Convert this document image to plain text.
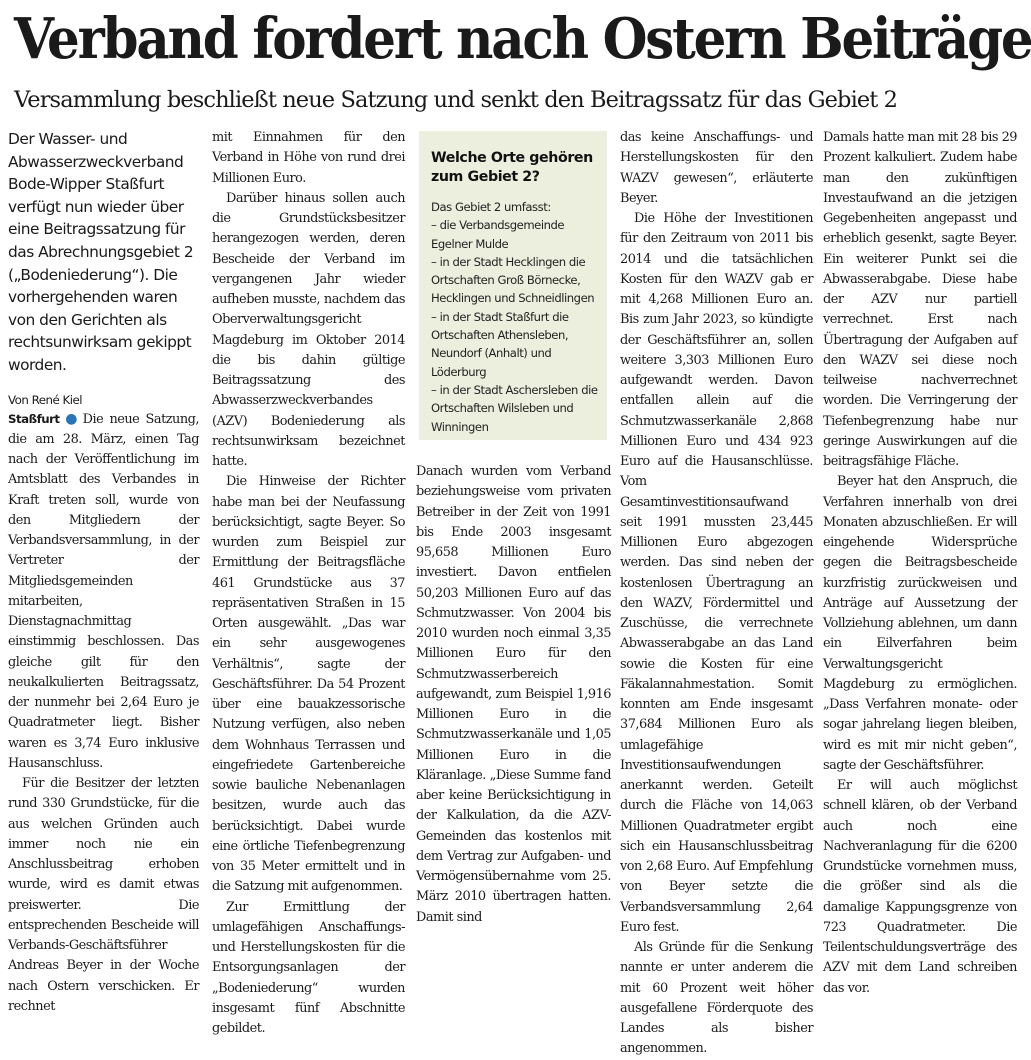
Verband fordert nach Ostern Beiträge
Versammlung beschließt neue Satzung und senkt den Beitragssatz für das Gebiet 2

Der Wasser- und Abwasserzweckverband Bode-Wipper Staßfurt verfügt nun wieder über eine Beitragssatzung für das Abrechnungsgebiet 2 („Bodeniederung“). Die vorhergehenden waren von den Gerichten als rechtsunwirksam gekippt worden.

Von René Kiel

Staßfurt ● Die neue Satzung, die am 28. März, einen Tag nach der Veröffentlichung im Amtsblatt des Verbandes in Kraft treten soll, wurde von den Mitgliedern der Verbandsversammlung, in der Vertreter der Mitgliedsgemeinden mitarbeiten, Dienstagnachmittag einstimmig beschlossen. Das gleiche gilt für den neukalkulierten Beitragssatz, der nunmehr bei 2,64 Euro je Quadratmeter liegt. Bisher waren es 3,74 Euro inklusive Hausanschluss.

Für die Besitzer der letzten rund 330 Grundstücke, für die aus welchen Gründen auch immer noch nie ein Anschlussbeitrag erhoben wurde, wird es damit etwas preiswerter. Die entsprechenden Bescheide will Verbands-Geschäftsführer Andreas Beyer in der Woche nach Ostern verschicken. Er rechnet

mit Einnahmen für den Verband in Höhe von rund drei Millionen Euro.

Darüber hinaus sollen auch die Grundstücksbesitzer herangezogen werden, deren Bescheide der Verband im vergangenen Jahr wieder aufheben musste, nachdem das Oberverwaltungsgericht Magdeburg im Oktober 2014 die bis dahin gültige Beitragssatzung des Abwasserzweckverbandes (AZV) Bodeniederung als rechtsunwirksam bezeichnet hatte.

Die Hinweise der Richter habe man bei der Neufassung berücksichtigt, sagte Beyer. So wurden zum Beispiel zur Ermittlung der Beitragsfläche 461 Grundstücke aus 37 repräsentativen Straßen in 15 Orten ausgewählt. „Das war ein sehr ausgewogenes Verhältnis“, sagte der Geschäftsführer. Da 54 Prozent über eine bauakzessorische Nutzung verfügen, also neben dem Wohnhaus Terrassen und eingefriedete Gartenbereiche sowie bauliche Nebenanlagen besitzen, wurde auch das berücksichtigt. Dabei wurde eine örtliche Tiefenbegrenzung von 35 Meter ermittelt und in die Satzung mit aufgenommen.

Zur Ermittlung der umlagefähigen Anschaffungs- und Herstellungskosten für die Entsorgungsanlagen der „Bodeniederung“ wurden insgesamt fünf Abschnitte gebildet.

Welche Orte gehören zum Gebiet 2?
Das Gebiet 2 umfasst:
– die Verbandsgemeinde Egelner Mulde
– in der Stadt Hecklingen die Ortschaften Groß Börnecke, Hecklingen und Schneidlingen
– in der Stadt Staßfurt die Ortschaften Athensleben, Neundorf (Anhalt) und Löderburg
– in der Stadt Aschersleben die Ortschaften Wilsleben und Winningen

Danach wurden vom Verband beziehungsweise vom privaten Betreiber in der Zeit von 1991 bis Ende 2003 insgesamt 95,658 Millionen Euro investiert. Davon entfielen 50,203 Millionen Euro auf das Schmutzwasser. Von 2004 bis 2010 wurden noch einmal 3,35 Millionen Euro für den Schmutzwasserbereich aufgewandt, zum Beispiel 1,916 Millionen Euro in die Schmutzwasserkanäle und 1,05 Millionen Euro in die Kläranlage. „Diese Summe fand aber keine Berücksichtigung in der Kalkulation, da die AZV-Gemeinden das kostenlos mit dem Vertrag zur Aufgaben- und Vermögensübernahme vom 25. März 2010 übertragen hatten. Damit sind

das keine Anschaffungs- und Herstellungskosten für den WAZV gewesen“, erläuterte Beyer.

Die Höhe der Investitionen für den Zeitraum von 2011 bis 2014 und die tatsächlichen Kosten für den WAZV gab er mit 4,268 Millionen Euro an. Bis zum Jahr 2023, so kündigte der Geschäftsführer an, sollen weitere 3,303 Millionen Euro aufgewandt werden. Davon entfallen allein auf die Schmutzwasserkanäle 2,868 Millionen Euro und 434 923 Euro auf die Hausanschlüsse. Vom Gesamtinvestitionsaufwand seit 1991 mussten 23,445 Millionen Euro abgezogen werden. Das sind neben der kostenlosen Übertragung an den WAZV, Fördermittel und Zuschüsse, die verrechnete Abwasserabgabe an das Land sowie die Kosten für eine Fäkalannahmestation. Somit konnten am Ende insgesamt 37,684 Millionen Euro als umlagefähige Investitionsaufwendungen anerkannt werden. Geteilt durch die Fläche von 14,063 Millionen Quadratmeter ergibt sich ein Hausanschlussbeitrag von 2,68 Euro. Auf Empfehlung von Beyer setzte die Verbandsversammlung 2,64 Euro fest.

Als Gründe für die Senkung nannte er unter anderem die mit 60 Prozent weit höher ausgefallene Förderquote des Landes als bisher angenommen.

Damals hatte man mit 28 bis 29 Prozent kalkuliert. Zudem habe man den zukünftigen Investaufwand an die jetzigen Gegebenheiten angepasst und erheblich gesenkt, sagte Beyer. Ein weiterer Punkt sei die Abwasserabgabe. Diese habe der AZV nur partiell verrechnet. Erst nach Übertragung der Aufgaben auf den WAZV sei diese noch teilweise nachverrechnet worden. Die Verringerung der Tiefenbegrenzung habe nur geringe Auswirkungen auf die beitragsfähige Fläche.

Beyer hat den Anspruch, die Verfahren innerhalb von drei Monaten abzuschließen. Er will eingehende Widersprüche gegen die Beitragsbescheide kurzfristig zurückweisen und Anträge auf Aussetzung der Vollziehung ablehnen, um dann ein Eilverfahren beim Verwaltungsgericht Magdeburg zu ermöglichen. „Dass Verfahren monate- oder sogar jahrelang liegen bleiben, wird es mit mir nicht geben“, sagte der Geschäftsführer.

Er will auch möglichst schnell klären, ob der Verband auch noch eine Nachveranlagung für die 6200 Grundstücke vornehmen muss, die größer sind als die damalige Kappungsgrenze von 723 Quadratmeter. Die Teilentschuldungsverträge des AZV mit dem Land schreiben das vor.
